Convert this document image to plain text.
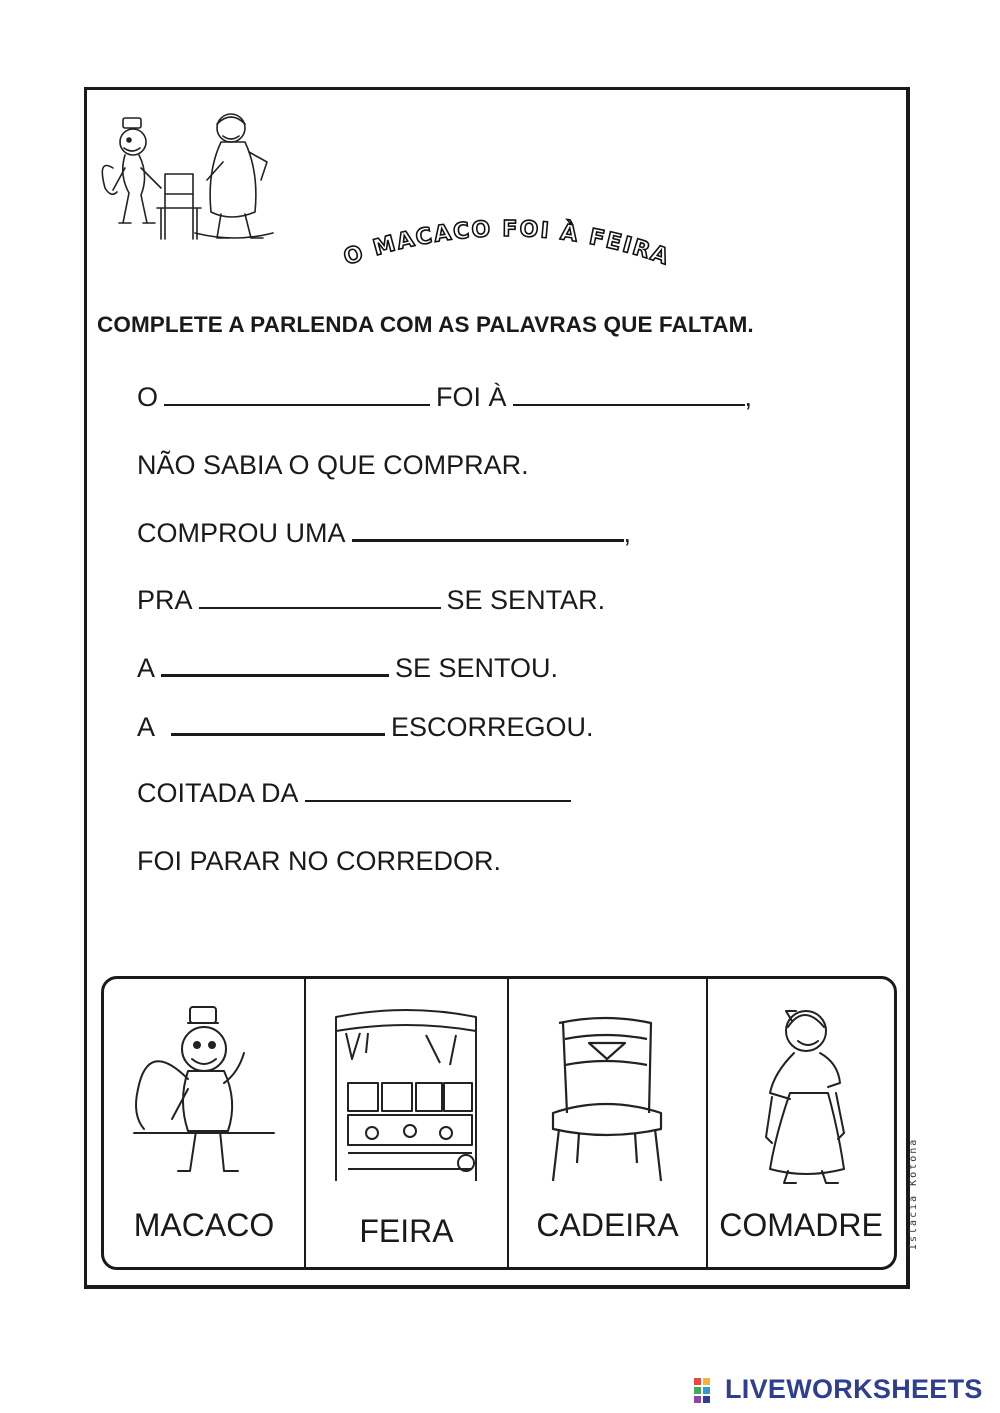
O MACACO FOI À FEIRA
COMPLETE A PARLENDA COM AS PALAVRAS QUE FALTAM.
O	FOI À	,
NÃO SABIA O QUE COMPRAR.
COMPROU UMA	,
PRA	SE SENTAR.
A	SE SENTOU.
A	ESCORREGOU.
COITADA DA
FOI PARAR NO CORREDOR.
MACACO	FEIRA	CADEIRA	COMADRE	Islacia Kotona
LIVEWORKSHEETS
